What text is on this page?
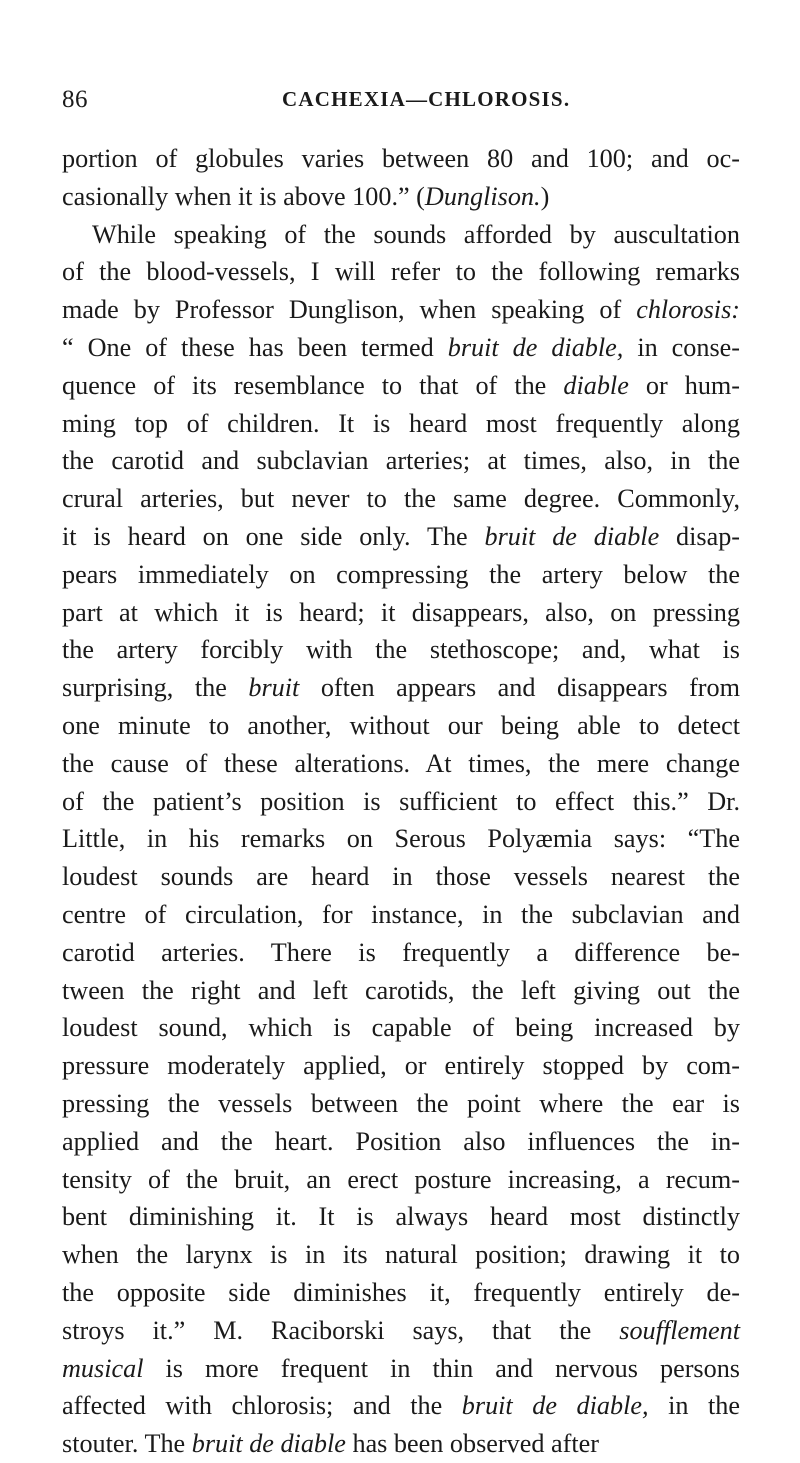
86	CACHEXIA—CHLOROSIS.
portion of globules varies between 80 and 100; and oc-
casionally when it is above 100.” (Dunglison.)
While speaking of the sounds afforded by auscultation
of the blood-vessels, I will refer to the following remarks
made by Professor Dunglison, when speaking of chlorosis:
“ One of these has been termed bruit de diable, in conse-
quence of its resemblance to that of the diable or hum-
ming top of children. It is heard most frequently along
the carotid and subclavian arteries; at times, also, in the
crural arteries, but never to the same degree. Commonly,
it is heard on one side only. The bruit de diable disap-
pears immediately on compressing the artery below the
part at which it is heard; it disappears, also, on pressing
the artery forcibly with the stethoscope; and, what is
surprising, the bruit often appears and disappears from
one minute to another, without our being able to detect
the cause of these alterations. At times, the mere change
of the patient’s position is sufficient to effect this.” Dr.
Little, in his remarks on Serous Polyæmia says: “The
loudest sounds are heard in those vessels nearest the
centre of circulation, for instance, in the subclavian and
carotid arteries. There is frequently a difference be-
tween the right and left carotids, the left giving out the
loudest sound, which is capable of being increased by
pressure moderately applied, or entirely stopped by com-
pressing the vessels between the point where the ear is
applied and the heart. Position also influences the in-
tensity of the bruit, an erect posture increasing, a recum-
bent diminishing it. It is always heard most distinctly
when the larynx is in its natural position; drawing it to
the opposite side diminishes it, frequently entirely de-
stroys it.” M. Raciborski says, that the soufflement
musical is more frequent in thin and nervous persons
affected with chlorosis; and the bruit de diable, in the
stouter. The bruit de diable has been observed after
